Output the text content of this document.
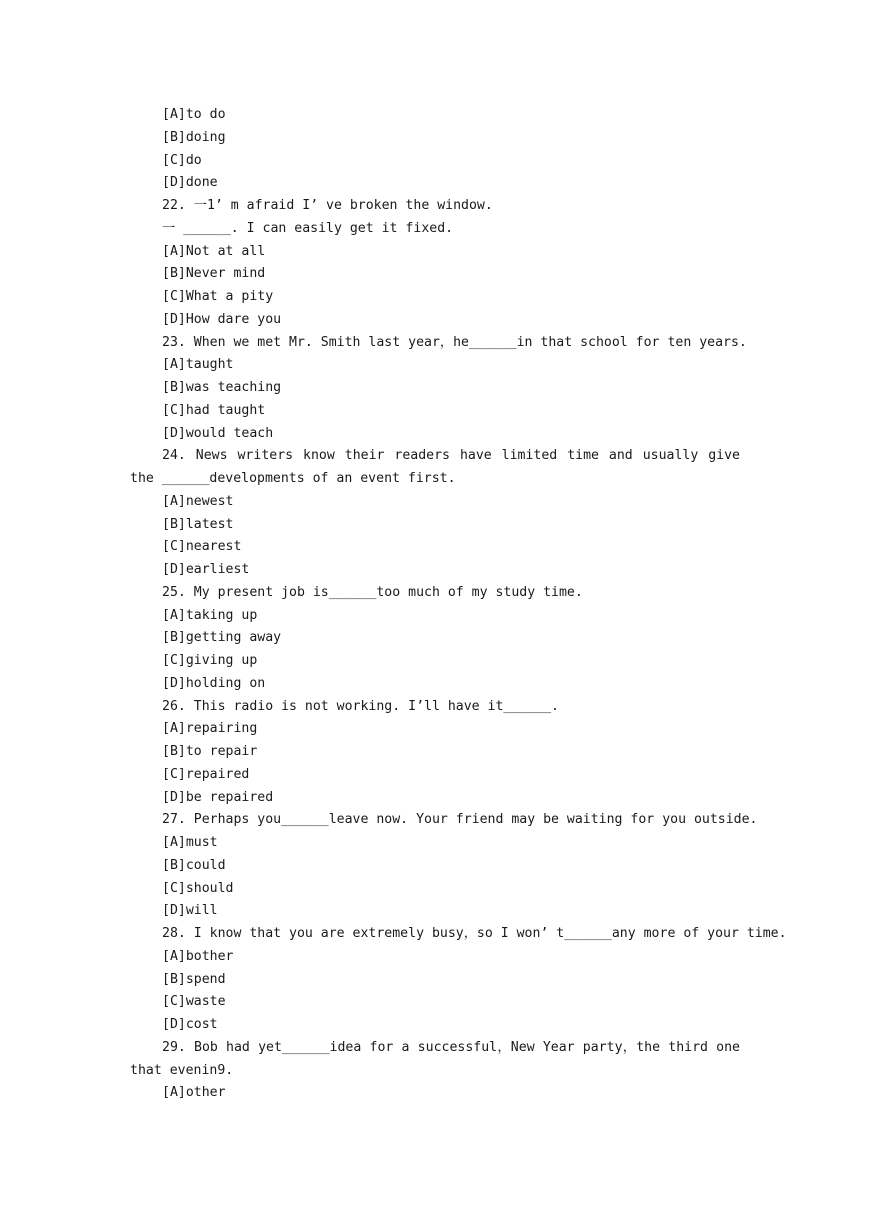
[A]to do
[B]doing
[C]do
[D]done
22. 一1’ m afraid I’ ve broken the window.
一 ______. I can easily get it fixed.
[A]Not at all
[B]Never mind
[C]What a pity
[D]How dare you
23. When we met Mr. Smith last year，he______in that school for ten years.
[A]taught
[B]was teaching
[C]had taught
[D]would teach
24. News writers know their readers have limited time and usually give the ______developments of an event first.
[A]newest
[B]latest
[C]nearest
[D]earliest
25. My present job is______too much of my study time.
[A]taking up
[B]getting away
[C]giving up
[D]holding on
26. This radio is not working. I’ll have it______.
[A]repairing
[B]to repair
[C]repaired
[D]be repaired
27. Perhaps you______leave now. Your friend may be waiting for you outside.
[A]must
[B]could
[C]should
[D]will
28. I know that you are extremely busy，so I won’ t______any more of your time.
[A]bother
[B]spend
[C]waste
[D]cost
29. Bob had yet______idea for a successful，New Year party，the third one that evenin9.
[A]other
